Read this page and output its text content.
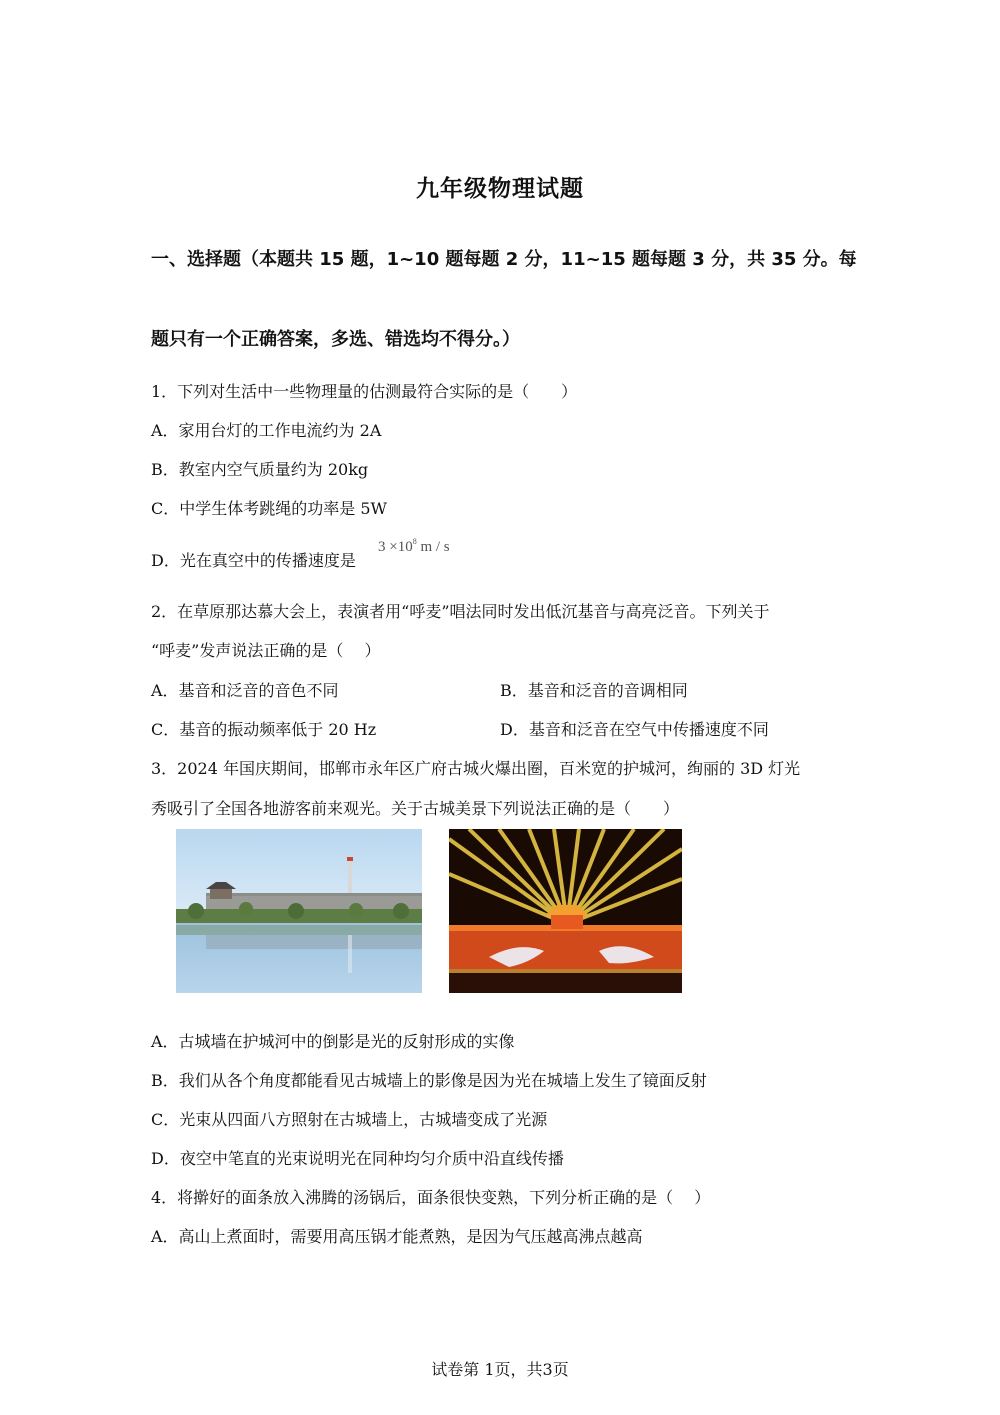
九年级物理试题
一、选择题（本题共 15 题，1~10 题每题 2 分，11~15 题每题 3 分，共 35 分。每
题只有一个正确答案，多选、错选均不得分。）
1．下列对生活中一些物理量的估测最符合实际的是（　　）
A．家用台灯的工作电流约为 2A
B．教室内空气质量约为 20kg
C．中学生体考跳绳的功率是 5W
D．光在真空中的传播速度是
$3 \times 10^8$ m / s
2．在草原那达慕大会上，表演者用“呼麦”唱法同时发出低沉基音与高亮泛音。下列关于
“呼麦”发声说法正确的是（　 ）
A．基音和泛音的音色不同	B．基音和泛音的音调相同
C．基音的振动频率低于 20 Hz	D．基音和泛音在空气中传播速度不同
3．2024 年国庆期间，邯郸市永年区广府古城火爆出圈，百米宽的护城河，绚丽的 3D 灯光
秀吸引了全国各地游客前来观光。关于古城美景下列说法正确的是（　　）
A．古城墙在护城河中的倒影是光的反射形成的实像
B．我们从各个角度都能看见古城墙上的影像是因为光在城墙上发生了镜面反射
C．光束从四面八方照射在古城墙上，古城墙变成了光源
D．夜空中笔直的光束说明光在同种均匀介质中沿直线传播
4．将擀好的面条放入沸腾的汤锅后，面条很快变熟，下列分析正确的是（　 ）
A．高山上煮面时，需要用高压锅才能煮熟，是因为气压越高沸点越高
试卷第 1页，共3页
